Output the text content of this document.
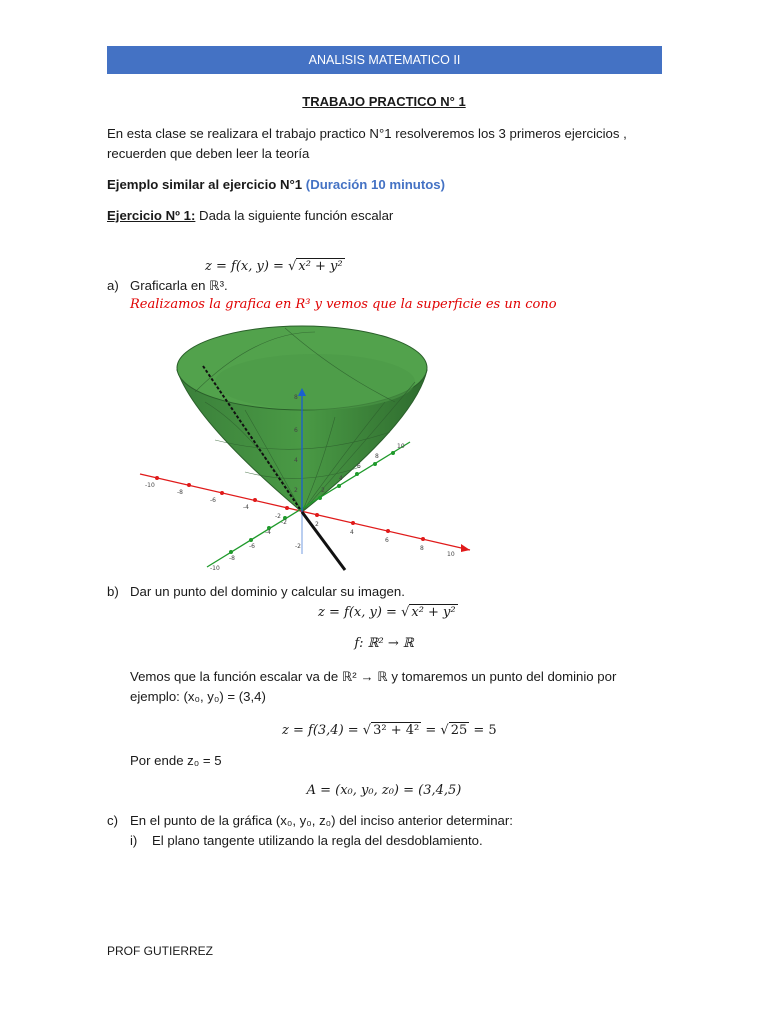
ANALISIS MATEMATICO II
TRABAJO PRACTICO N° 1
En esta clase se realizara el trabajo practico N°1 resolveremos los 3 primeros ejercicios , recuerden que deben leer la teoría
Ejemplo similar al ejercicio N°1 (Duración 10 minutos)
Ejercicio Nº 1: Dada la siguiente función escalar
z = f(x, y) = √ x² + y²
a) Graficarla en ℝ³.
Realizamos la grafica en R³ y vemos que la superficie es un cono
-10
-8
-6
-4
-2
2
4
6
8
10
-10
-8
-6
-4
-2
2
4
6
8
10
8
6
4
2
-2
b) Dar un punto del dominio y calcular su imagen.
z = f(x, y) = √ x² + y²
f: ℝ² → ℝ
Vemos que la función escalar va de ℝ² → ℝ y tomaremos un punto del dominio por ejemplo: (x₀, y₀) = (3,4)
z = f(3,4) = √ 3² + 4² = √ 25 = 5
Por ende z₀ = 5
A = (x₀, y₀, z₀) = (3,4,5)
c) En el punto de la gráfica (x₀, y₀, z₀) del inciso anterior determinar:
i) El plano tangente utilizando la regla del desdoblamiento.
PROF GUTIERREZ
